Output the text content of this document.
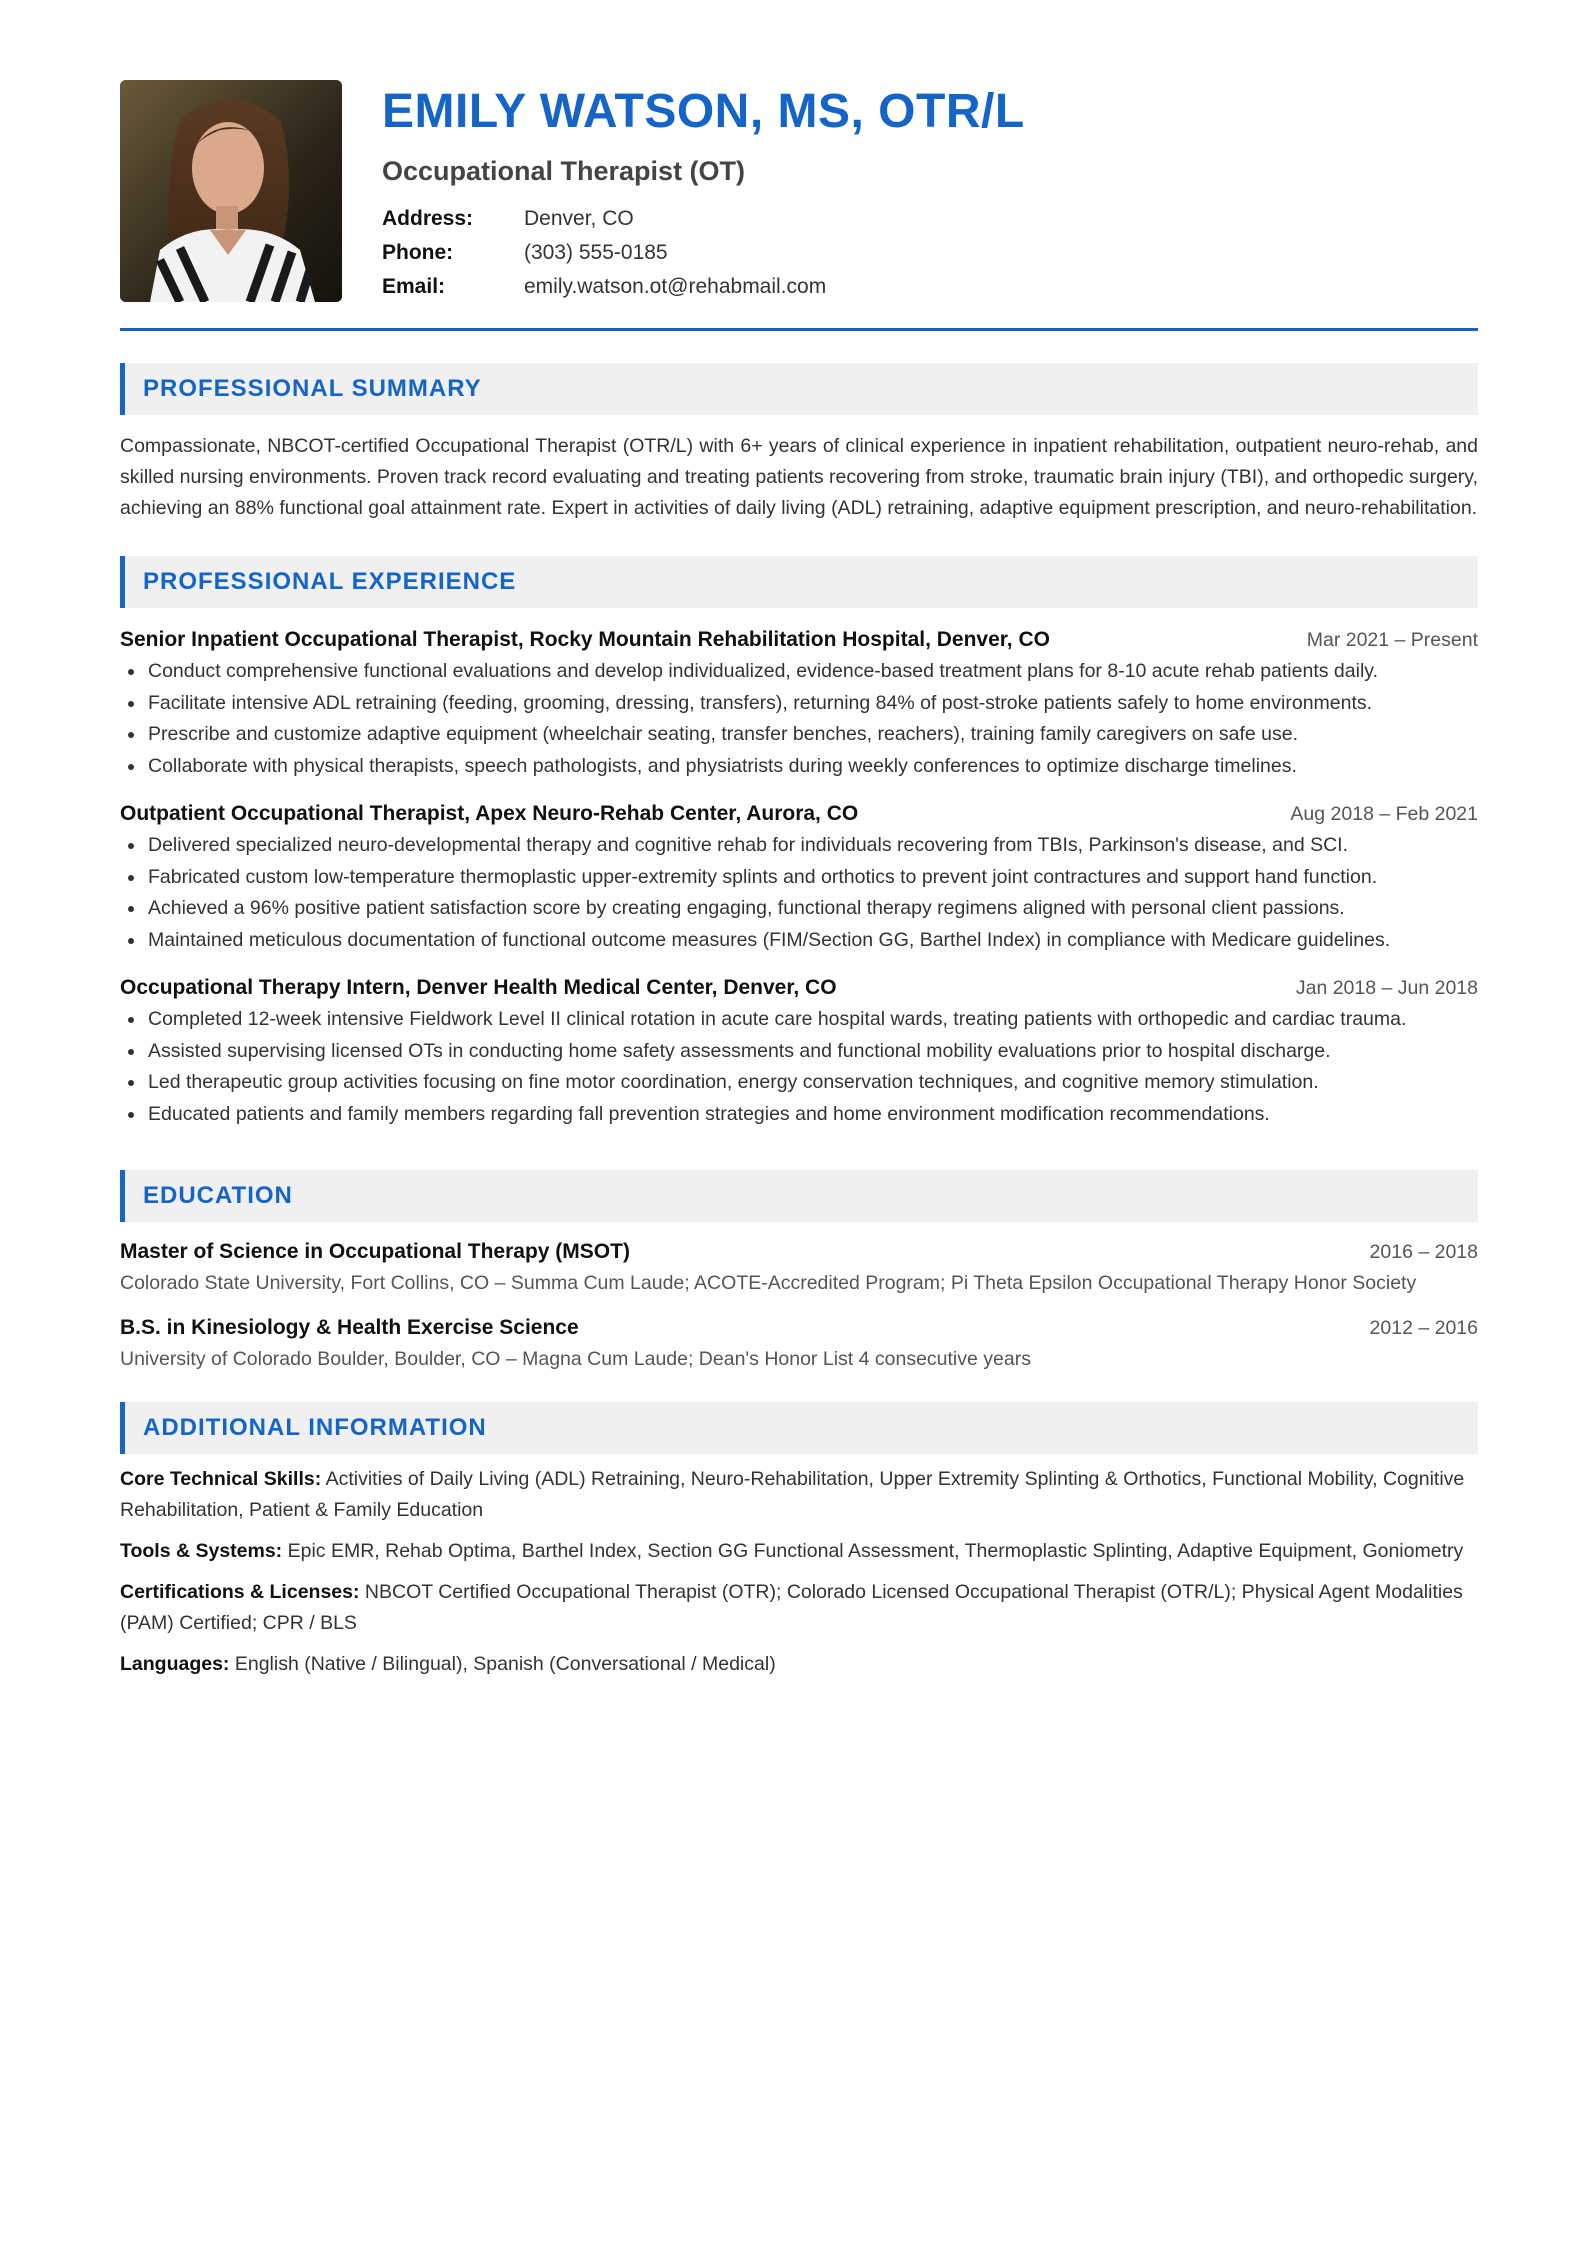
EMILY WATSON, MS, OTR/L
Occupational Therapist (OT)
Address:	Denver, CO
Phone:	(303) 555-0185
Email:	emily.watson.ot@rehabmail.com
PROFESSIONAL SUMMARY

Compassionate, NBCOT-certified Occupational Therapist (OTR/L) with 6+ years of clinical experience in inpatient rehabilitation, outpatient neuro-rehab, and skilled nursing environments. Proven track record evaluating and treating patients recovering from stroke, traumatic brain injury (TBI), and orthopedic surgery, achieving an 88% functional goal attainment rate. Expert in activities of daily living (ADL) retraining, adaptive equipment prescription, and neuro-rehabilitation.

PROFESSIONAL EXPERIENCE
Senior Inpatient Occupational Therapist, Rocky Mountain Rehabilitation Hospital, Denver, CO	Mar 2021 – Present
Conduct comprehensive functional evaluations and develop individualized, evidence-based treatment plans for 8-10 acute rehab patients daily.
Facilitate intensive ADL retraining (feeding, grooming, dressing, transfers), returning 84% of post-stroke patients safely to home environments.
Prescribe and customize adaptive equipment (wheelchair seating, transfer benches, reachers), training family caregivers on safe use.
Collaborate with physical therapists, speech pathologists, and physiatrists during weekly conferences to optimize discharge timelines.
Outpatient Occupational Therapist, Apex Neuro-Rehab Center, Aurora, CO	Aug 2018 – Feb 2021
Delivered specialized neuro-developmental therapy and cognitive rehab for individuals recovering from TBIs, Parkinson's disease, and SCI.
Fabricated custom low-temperature thermoplastic upper-extremity splints and orthotics to prevent joint contractures and support hand function.
Achieved a 96% positive patient satisfaction score by creating engaging, functional therapy regimens aligned with personal client passions.
Maintained meticulous documentation of functional outcome measures (FIM/Section GG, Barthel Index) in compliance with Medicare guidelines.
Occupational Therapy Intern, Denver Health Medical Center, Denver, CO	Jan 2018 – Jun 2018
Completed 12-week intensive Fieldwork Level II clinical rotation in acute care hospital wards, treating patients with orthopedic and cardiac trauma.
Assisted supervising licensed OTs in conducting home safety assessments and functional mobility evaluations prior to hospital discharge.
Led therapeutic group activities focusing on fine motor coordination, energy conservation techniques, and cognitive memory stimulation.
Educated patients and family members regarding fall prevention strategies and home environment modification recommendations.
EDUCATION
Master of Science in Occupational Therapy (MSOT)	2016 – 2018
Colorado State University, Fort Collins, CO – Summa Cum Laude; ACOTE-Accredited Program; Pi Theta Epsilon Occupational Therapy Honor Society
B.S. in Kinesiology & Health Exercise Science	2012 – 2016
University of Colorado Boulder, Boulder, CO – Magna Cum Laude; Dean's Honor List 4 consecutive years
ADDITIONAL INFORMATION
Core Technical Skills: Activities of Daily Living (ADL) Retraining, Neuro-Rehabilitation, Upper Extremity Splinting & Orthotics, Functional Mobility, Cognitive Rehabilitation, Patient & Family Education
Tools & Systems: Epic EMR, Rehab Optima, Barthel Index, Section GG Functional Assessment, Thermoplastic Splinting, Adaptive Equipment, Goniometry
Certifications & Licenses: NBCOT Certified Occupational Therapist (OTR); Colorado Licensed Occupational Therapist (OTR/L); Physical Agent Modalities (PAM) Certified; CPR / BLS
Languages: English (Native / Bilingual), Spanish (Conversational / Medical)
